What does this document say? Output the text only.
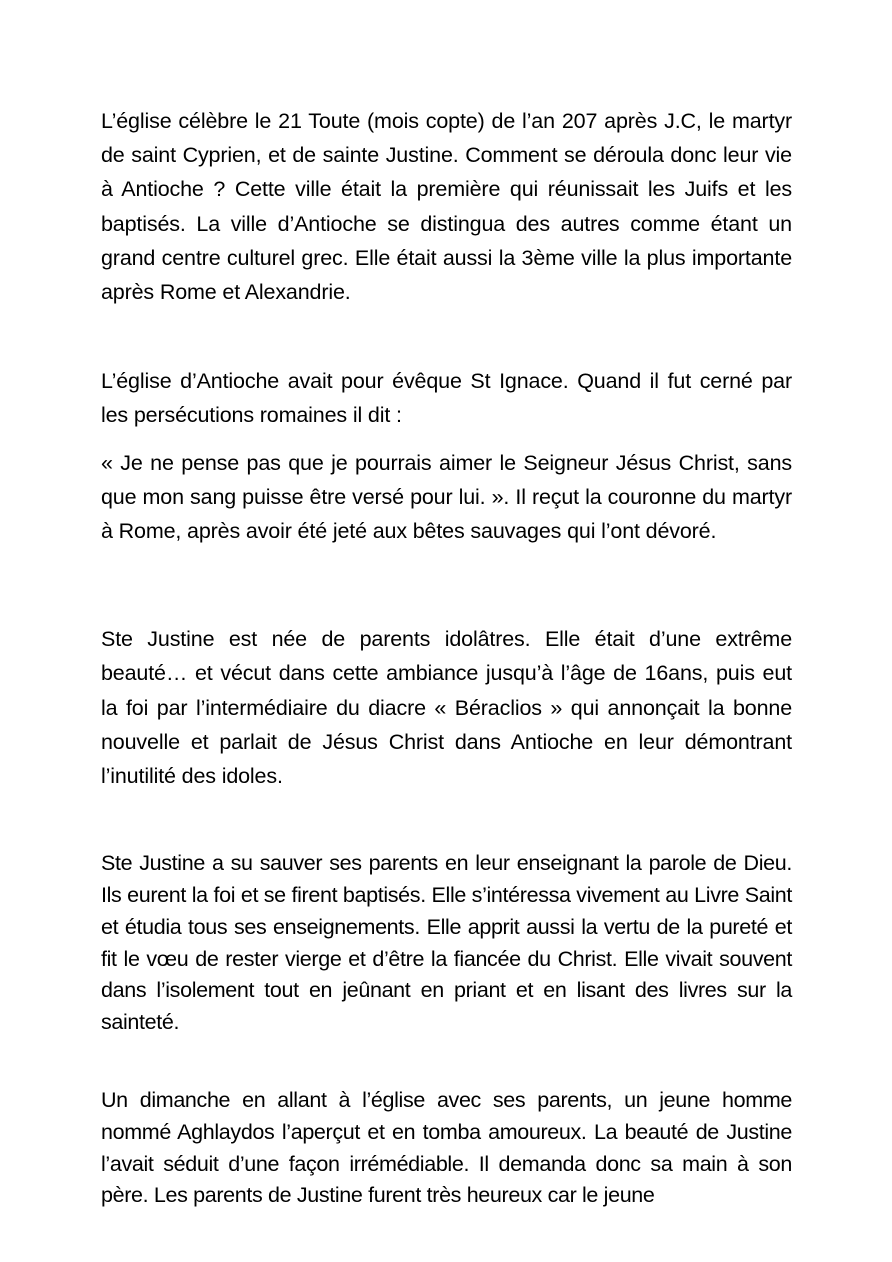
L’église célèbre le 21 Toute (mois copte) de l’an 207 après J.C, le martyr de saint Cyprien, et de sainte Justine. Comment se déroula donc leur vie à Antioche ? Cette ville était la première qui réunissait les Juifs et les baptisés. La ville d’Antioche se distingua des autres comme étant un grand centre culturel grec. Elle était aussi la 3ème ville la plus importante après Rome et Alexandrie.

L’église d’Antioche avait pour évêque St Ignace. Quand il fut cerné par les persécutions romaines il dit :

« Je ne pense pas que je pourrais aimer le Seigneur Jésus Christ, sans que mon sang puisse être versé pour lui. ». Il reçut la couronne du martyr à Rome, après avoir été jeté aux bêtes sauvages qui l’ont dévoré.

Ste Justine est née de parents idolâtres. Elle était d’une extrême beauté… et vécut dans cette ambiance jusqu’à l’âge de 16ans, puis eut la foi par l’intermédiaire du diacre « Béraclios » qui annonçait la bonne nouvelle et parlait de Jésus Christ dans Antioche en leur démontrant l’inutilité des idoles.

Ste Justine a su sauver ses parents en leur enseignant la parole de Dieu. Ils eurent la foi et se firent baptisés. Elle s’intéressa vivement au Livre Saint et étudia tous ses enseignements. Elle apprit aussi la vertu de la pureté et fit le vœu de rester vierge et d’être la fiancée du Christ. Elle vivait souvent dans l’isolement tout en jeûnant en priant et en lisant des livres sur la sainteté.

Un dimanche en allant à l’église avec ses parents, un jeune homme nommé Aghlaydos l’aperçut et en tomba amoureux. La beauté de Justine l’avait séduit d’une façon irrémédiable. Il demanda donc sa main à son père. Les parents de Justine furent très heureux car le jeune
